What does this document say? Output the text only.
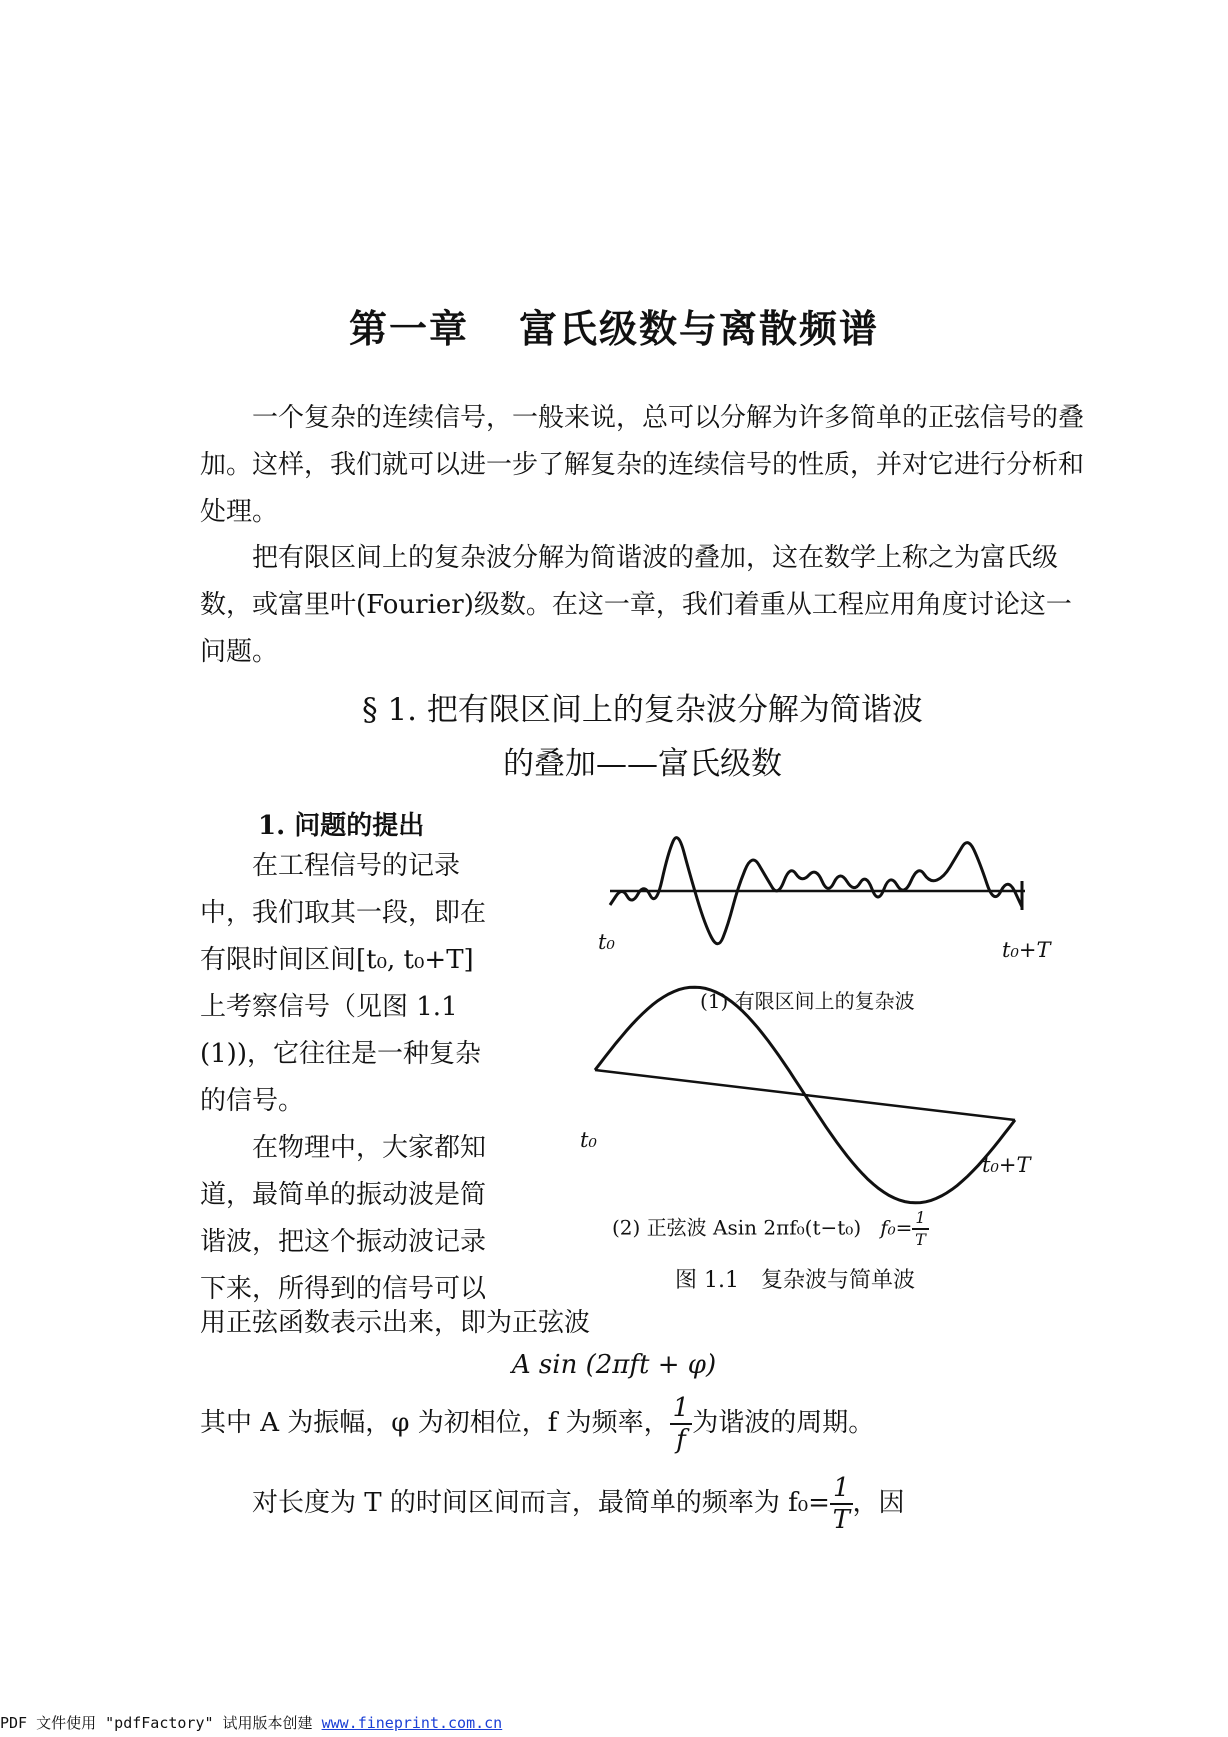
第一章 富氏级数与离散频谱

一个复杂的连续信号，一般来说，总可以分解为许多简单的正弦信号的叠加。这样，我们就可以进一步了解复杂的连续信号的性质，并对它进行分析和处理。

把有限区间上的复杂波分解为简谐波的叠加，这在数学上称之为富氏级数，或富里叶(Fourier)级数。在这一章，我们着重从工程应用角度讨论这一问题。

§ 1. 把有限区间上的复杂波分解为简谐波
的叠加——富氏级数
1. 问题的提出
在工程信号的记录
中，我们取其一段，即在
有限时间区间[t₀, t₀+T]
上考察信号（见图 1.1
(1))，它往往是一种复杂
的信号。
在物理中，大家都知
道，最简单的振动波是简
谐波，把这个振动波记录
下来，所得到的信号可以
用正弦函数表示出来，即为正弦波
A sin (2πft + φ)
其中 A 为振幅，φ 为初相位，f 为频率， $\frac{1}{f}$ 为谐波的周期。
对长度为 T 的时间区间而言，最简单的频率为 $f_0= \frac{1}{T}$ ，因
t₀	t₀+T
(1) 有限区间上的复杂波
t₀
t₀+T
(2) 正弦波 Asin 2πf₀(t−t₀) $f_0= \frac{1}{T}$
图 1.1　复杂波与简单波
PDF 文件使用 "pdfFactory" 试用版本创建 www.fineprint.com.cn
